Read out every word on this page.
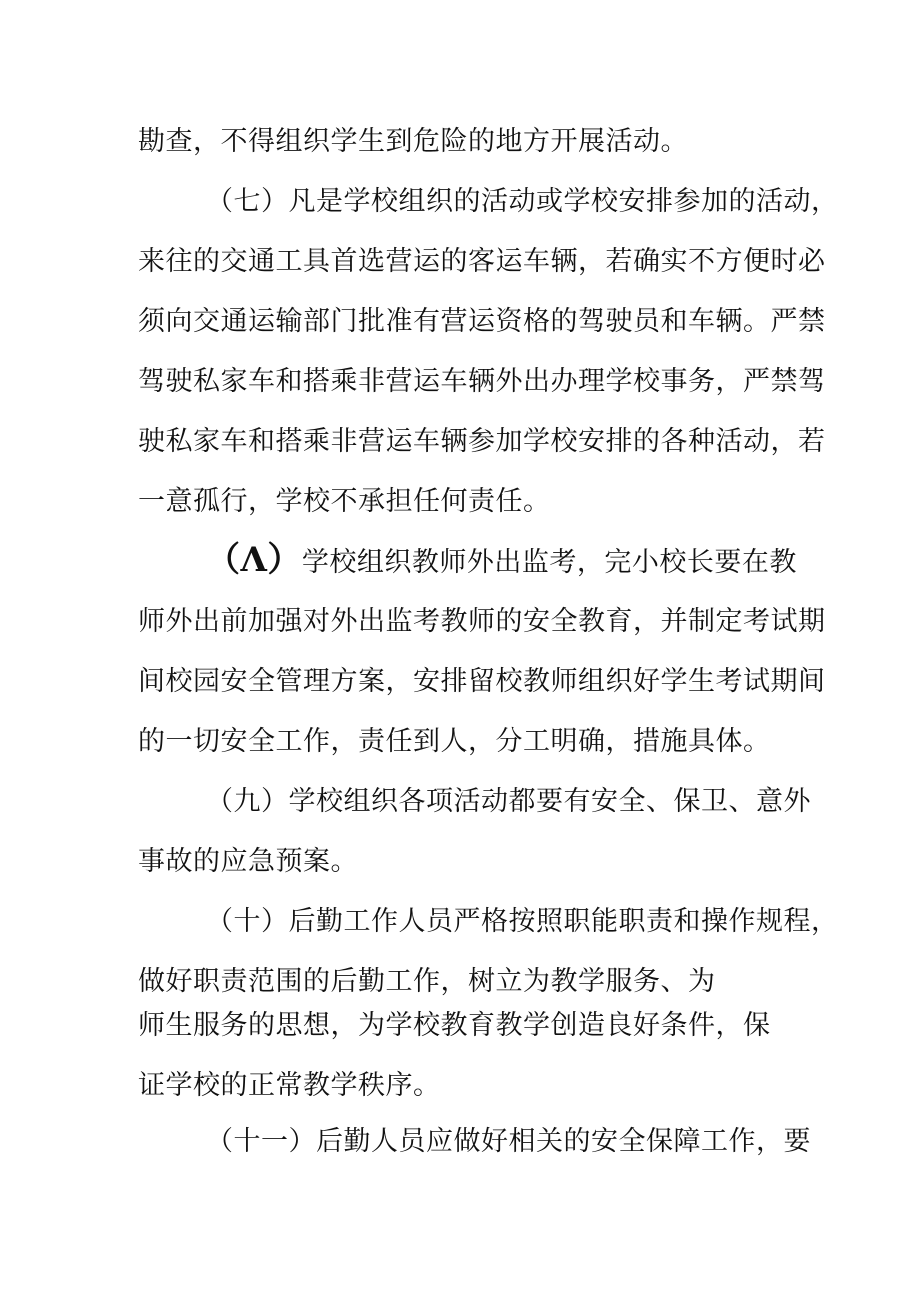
勘查，不得组织学生到危险的地方开展活动。
（七）凡是学校组织的活动或学校安排参加的活动，
来往的交通工具首选营运的客运车辆，若确实不方便时必
须向交通运输部门批准有营运资格的驾驶员和车辆。严禁
驾驶私家车和搭乘非营运车辆外出办理学校事务，严禁驾
驶私家车和搭乘非营运车辆参加学校安排的各种活动，若
一意孤行，学校不承担任何责任。
（Λ）学校组织教师外出监考，完小校长要在教
师外出前加强对外出监考教师的安全教育，并制定考试期
间校园安全管理方案，安排留校教师组织好学生考试期间
的一切安全工作，责任到人，分工明确，措施具体。
（九）学校组织各项活动都要有安全、保卫、意外
事故的应急预案。
（十）后勤工作人员严格按照职能职责和操作规程，
做好职责范围的后勤工作，树立为教学服务、为
师生服务的思想，为学校教育教学创造良好条件，保
证学校的正常教学秩序。
（十一）后勤人员应做好相关的安全保障工作，要
